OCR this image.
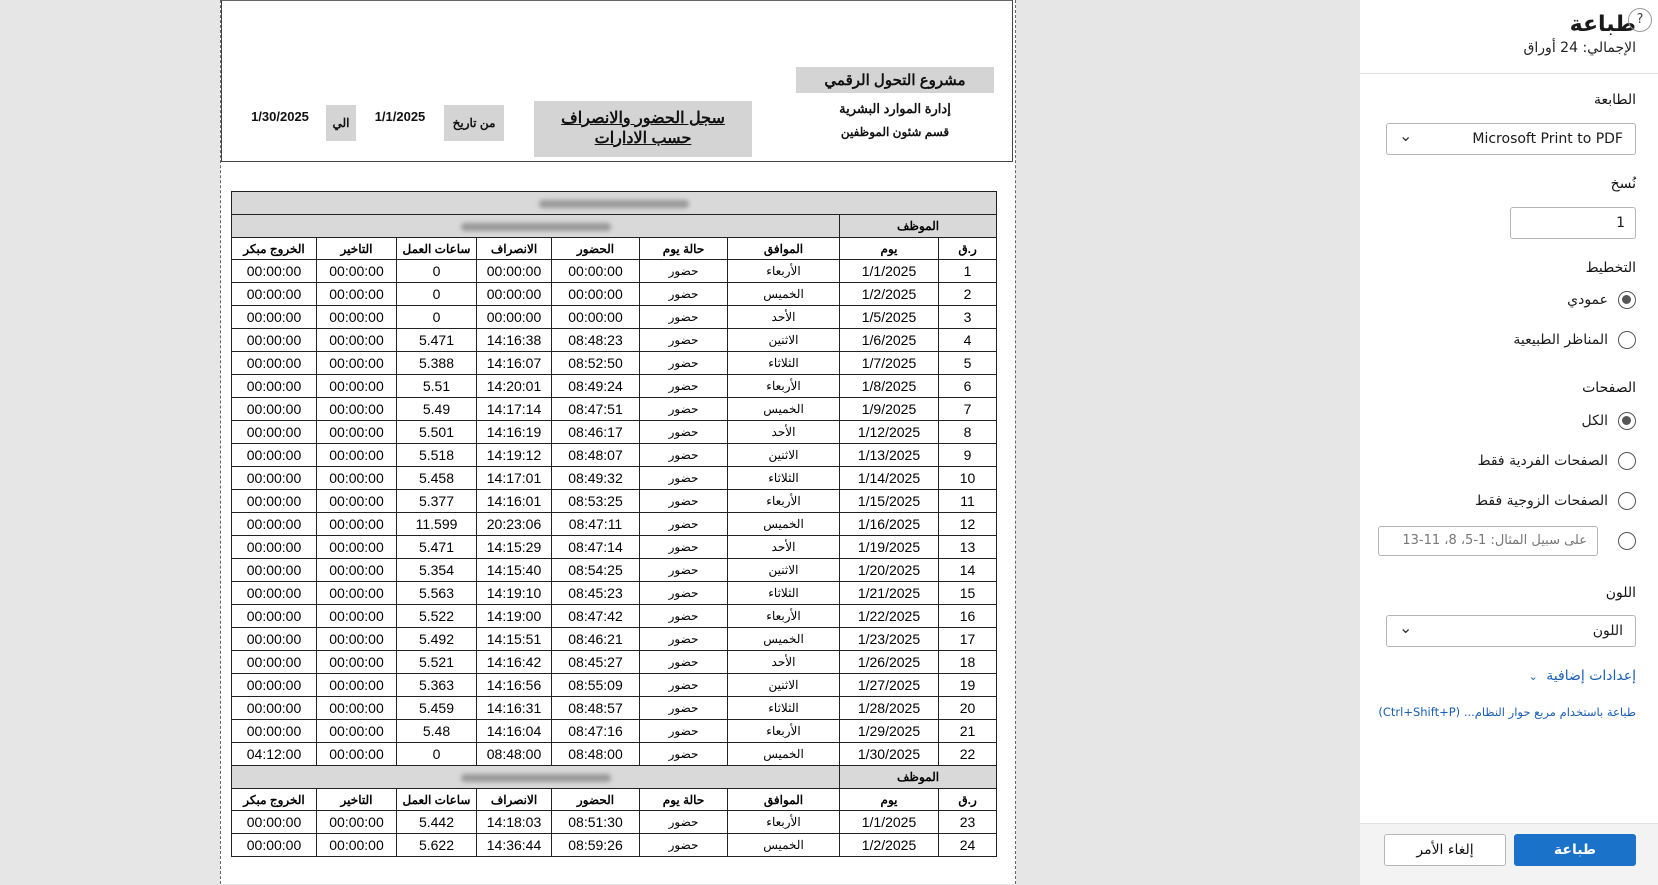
مشروع التحول الرقمي
إدارة الموارد البشرية
قسم شئون الموظفين
سجل الحضور والانصراف
حسب الادارات
من تاريخ
1/1/2025
الي
1/30/2025

							الموظف	
الخروج مبكر	التاخير	ساعات العمل	الانصراف	الحضور	حالة يوم	الموافق	يوم	ر.ق
00:00:00	00:00:00	0	00:00:00	00:00:00	حضور	الأربعاء	1/1/2025	1
00:00:00	00:00:00	0	00:00:00	00:00:00	حضور	الخميس	1/2/2025	2
00:00:00	00:00:00	0	00:00:00	00:00:00	حضور	الأحد	1/5/2025	3
00:00:00	00:00:00	5.471	14:16:38	08:48:23	حضور	الاثنين	1/6/2025	4
00:00:00	00:00:00	5.388	14:16:07	08:52:50	حضور	الثلاثاء	1/7/2025	5
00:00:00	00:00:00	5.51	14:20:01	08:49:24	حضور	الأربعاء	1/8/2025	6
00:00:00	00:00:00	5.49	14:17:14	08:47:51	حضور	الخميس	1/9/2025	7
00:00:00	00:00:00	5.501	14:16:19	08:46:17	حضور	الأحد	1/12/2025	8
00:00:00	00:00:00	5.518	14:19:12	08:48:07	حضور	الاثنين	1/13/2025	9
00:00:00	00:00:00	5.458	14:17:01	08:49:32	حضور	الثلاثاء	1/14/2025	10
00:00:00	00:00:00	5.377	14:16:01	08:53:25	حضور	الأربعاء	1/15/2025	11
00:00:00	00:00:00	11.599	20:23:06	08:47:11	حضور	الخميس	1/16/2025	12
00:00:00	00:00:00	5.471	14:15:29	08:47:14	حضور	الأحد	1/19/2025	13
00:00:00	00:00:00	5.354	14:15:40	08:54:25	حضور	الاثنين	1/20/2025	14
00:00:00	00:00:00	5.563	14:19:10	08:45:23	حضور	الثلاثاء	1/21/2025	15
00:00:00	00:00:00	5.522	14:19:00	08:47:42	حضور	الأربعاء	1/22/2025	16
00:00:00	00:00:00	5.492	14:15:51	08:46:21	حضور	الخميس	1/23/2025	17
00:00:00	00:00:00	5.521	14:16:42	08:45:27	حضور	الأحد	1/26/2025	18
00:00:00	00:00:00	5.363	14:16:56	08:55:09	حضور	الاثنين	1/27/2025	19
00:00:00	00:00:00	5.459	14:16:31	08:48:57	حضور	الثلاثاء	1/28/2025	20
00:00:00	00:00:00	5.48	14:16:04	08:47:16	حضور	الأربعاء	1/29/2025	21
04:12:00	00:00:00	0	08:48:00	08:48:00	حضور	الخميس	1/30/2025	22
							الموظف	
الخروج مبكر	التاخير	ساعات العمل	الانصراف	الحضور	حالة يوم	الموافق	يوم	ر.ق
00:00:00	00:00:00	5.442	14:18:03	08:51:30	حضور	الأربعاء	1/1/2025	23
00:00:00	00:00:00	5.622	14:36:44	08:59:26	حضور	الخميس	1/2/2025	24
طباعة ?
الإجمالي: 24 أوراق
الطابعة
Microsoft Print to PDF
⌄
نُسخ
1
التخطيط
عمودي
المناظر الطبيعية
الصفحات
الكل
الصفحات الفردية فقط
الصفحات الزوجية فقط
على سبيل المثال: 1-5، 8، 11-13
اللون
اللون
⌄
إعدادات إضافية ⌄
طباعة باستخدام مربع حوار النظام... (Ctrl+Shift+P)
طباعة
إلغاء الأمر
